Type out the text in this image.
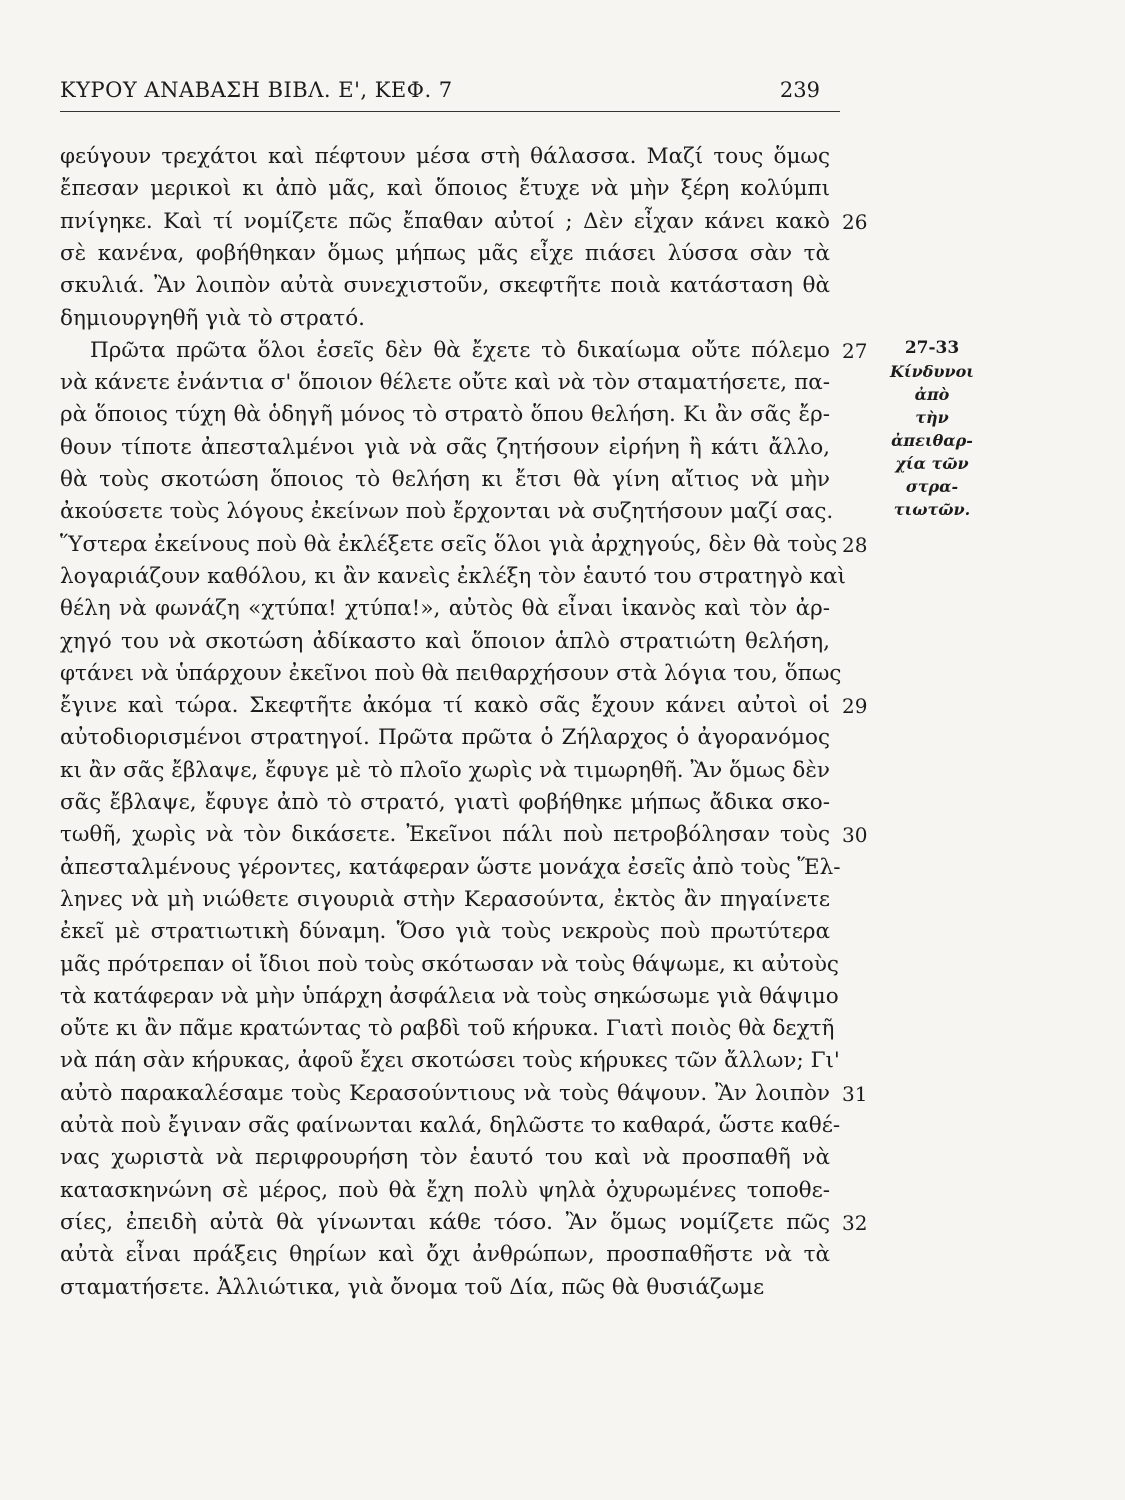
ΚΥΡΟΥ ΑΝΑΒΑΣΗ ΒΙΒΛ. Ε', ΚΕΦ. 7	239
φεύγουν τρεχάτοι καὶ πέφτουν μέσα στὴ θάλασσα. Μαζί τους ὅμως
ἔπεσαν μερικοὶ κι ἀπὸ μᾶς, καὶ ὅποιος ἔτυχε νὰ μὴν ξέρη κολύμπι
πνίγηκε. Καὶ τί νομίζετε πῶς ἔπαθαν αὐτοί ; Δὲν εἶχαν κάνει κακὸ
σὲ κανένα, φοβήθηκαν ὅμως μήπως μᾶς εἶχε πιάσει λύσσα σὰν τὰ
σκυλιά. Ἂν λοιπὸν αὐτὰ συνεχιστοῦν, σκεφτῆτε ποιὰ κατάσταση θὰ
δημιουργηθῆ γιὰ τὸ στρατό.
Πρῶτα πρῶτα ὅλοι ἐσεῖς δὲν θὰ ἔχετε τὸ δικαίωμα οὔτε πόλεμο
νὰ κάνετε ἐνάντια σ' ὅποιον θέλετε οὔτε καὶ νὰ τὸν σταματήσετε, πα-
ρὰ ὅποιος τύχη θὰ ὁδηγῆ μόνος τὸ στρατὸ ὅπου θελήση. Κι ἂν σᾶς ἔρ-
θουν τίποτε ἀπεσταλμένοι γιὰ νὰ σᾶς ζητήσουν εἰρήνη ἢ κάτι ἄλλο,
θὰ τοὺς σκοτώση ὅποιος τὸ θελήση κι ἔτσι θὰ γίνη αἴτιος νὰ μὴν
ἀκούσετε τοὺς λόγους ἐκείνων ποὺ ἔρχονται νὰ συζητήσουν μαζί σας.
Ὕστερα ἐκείνους ποὺ θὰ ἐκλέξετε σεῖς ὅλοι γιὰ ἀρχηγούς, δὲν θὰ τοὺς
λογαριάζουν καθόλου, κι ἂν κανεὶς ἐκλέξη τὸν ἑαυτό του στρατηγὸ καὶ
θέλη νὰ φωνάζη «χτύπα! χτύπα!», αὐτὸς θὰ εἶναι ἱκανὸς καὶ τὸν ἀρ-
χηγό του νὰ σκοτώση ἀδίκαστο καὶ ὅποιον ἁπλὸ στρατιώτη θελήση,
φτάνει νὰ ὑπάρχουν ἐκεῖνοι ποὺ θὰ πειθαρχήσουν στὰ λόγια του, ὅπως
ἔγινε καὶ τώρα. Σκεφτῆτε ἀκόμα τί κακὸ σᾶς ἔχουν κάνει αὐτοὶ οἱ
αὐτοδιορισμένοι στρατηγοί. Πρῶτα πρῶτα ὁ Ζήλαρχος ὁ ἀγορανόμος
κι ἂν σᾶς ἔβλαψε, ἔφυγε μὲ τὸ πλοῖο χωρὶς νὰ τιμωρηθῆ. Ἂν ὅμως δὲν
σᾶς ἔβλαψε, ἔφυγε ἀπὸ τὸ στρατό, γιατὶ φοβήθηκε μήπως ἄδικα σκο-
τωθῆ, χωρὶς νὰ τὸν δικάσετε. Ἐκεῖνοι πάλι ποὺ πετροβόλησαν τοὺς
ἀπεσταλμένους γέροντες, κατάφεραν ὥστε μονάχα ἐσεῖς ἀπὸ τοὺς Ἕλ-
ληνες νὰ μὴ νιώθετε σιγουριὰ στὴν Κερασούντα, ἐκτὸς ἂν πηγαίνετε
ἐκεῖ μὲ στρατιωτικὴ δύναμη. Ὅσο γιὰ τοὺς νεκροὺς ποὺ πρωτύτερα
μᾶς πρότρεπαν οἱ ἴδιοι ποὺ τοὺς σκότωσαν νὰ τοὺς θάψωμε, κι αὐτοὺς
τὰ κατάφεραν νὰ μὴν ὑπάρχη ἀσφάλεια νὰ τοὺς σηκώσωμε γιὰ θάψιμο
οὔτε κι ἂν πᾶμε κρατώντας τὸ ραβδὶ τοῦ κήρυκα. Γιατὶ ποιὸς θὰ δεχτῆ
νὰ πάη σὰν κήρυκας, ἀφοῦ ἔχει σκοτώσει τοὺς κήρυκες τῶν ἄλλων; Γι'
αὐτὸ παρακαλέσαμε τοὺς Κερασούντιους νὰ τοὺς θάψουν. Ἂν λοιπὸν
αὐτὰ ποὺ ἔγιναν σᾶς φαίνωνται καλά, δηλῶστε το καθαρά, ὥστε καθέ-
νας χωριστὰ νὰ περιφρουρήση τὸν ἑαυτό του καὶ νὰ προσπαθῆ νὰ
κατασκηνώνη σὲ μέρος, ποὺ θὰ ἔχη πολὺ ψηλὰ ὀχυρωμένες τοποθε-
σίες, ἐπειδὴ αὐτὰ θὰ γίνωνται κάθε τόσο. Ἂν ὅμως νομίζετε πῶς
αὐτὰ εἶναι πράξεις θηρίων καὶ ὄχι ἀνθρώπων, προσπαθῆστε νὰ τὰ
σταματήσετε. Ἀλλιώτικα, γιὰ ὄνομα τοῦ Δία, πῶς θὰ θυσιάζωμε
26
27
28
29
30
31
32
27-33
Κίνδυνοι ἀπὸ
τὴν ἀπειθαρ-
χία τῶν στρα-
τιωτῶν.
